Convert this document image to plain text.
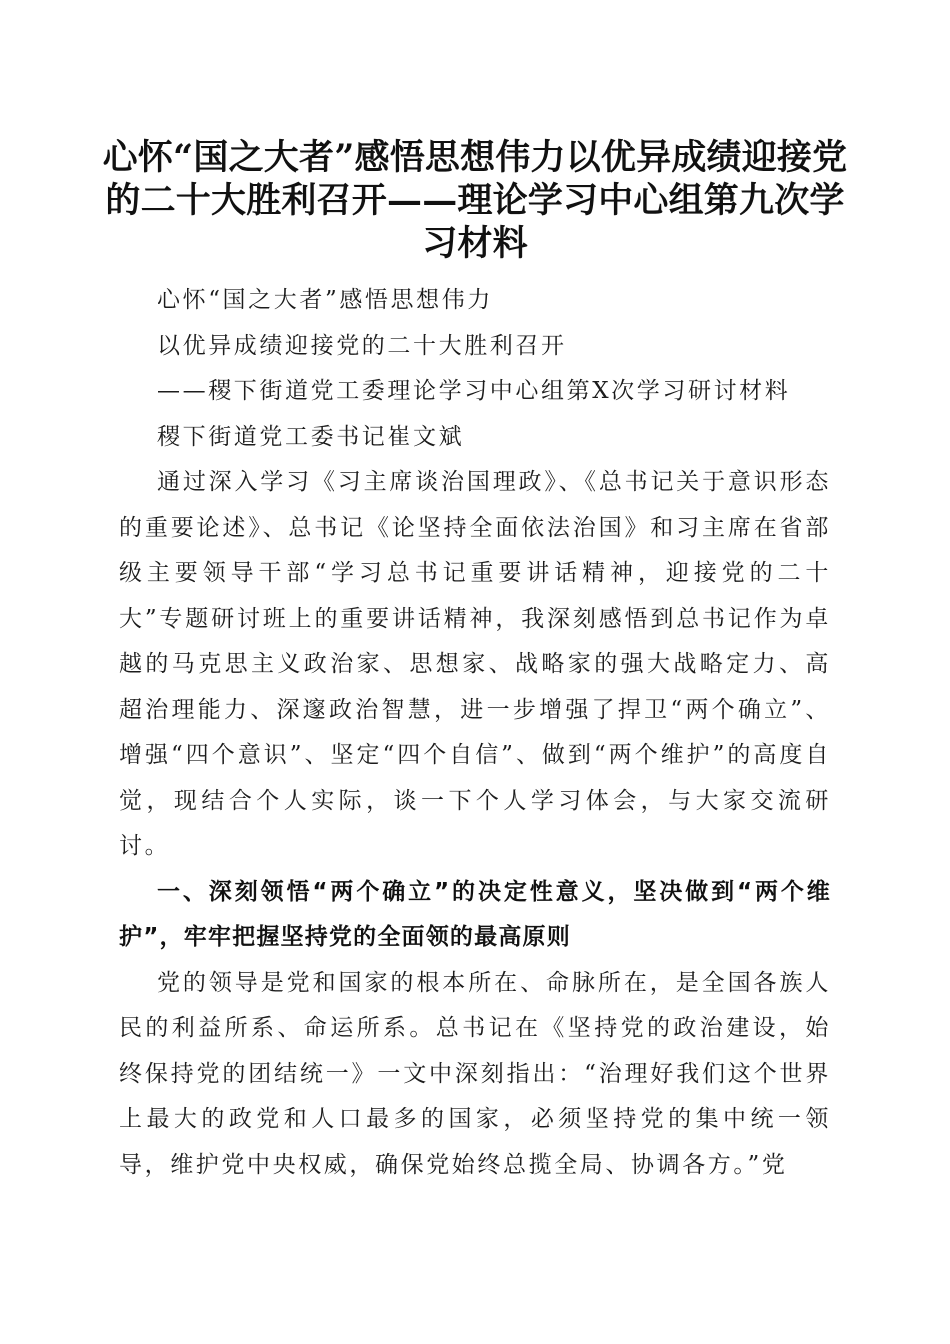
心怀“国之大者”感悟思想伟力以优异成绩迎接党的二十大胜利召开——理论学习中心组第九次学习材料

心怀“国之大者”感悟思想伟力

以优异成绩迎接党的二十大胜利召开

——稷下街道党工委理论学习中心组第X次学习研讨材料

稷下街道党工委书记崔文斌

通过深入学习《习主席谈治国理政》、《总书记关于意识形态的重要论述》、总书记《论坚持全面依法治国》和习主席在省部级主要领导干部“学习总书记重要讲话精神，迎接党的二十大”专题研讨班上的重要讲话精神，我深刻感悟到总书记作为卓越的马克思主义政治家、思想家、战略家的强大战略定力、高超治理能力、深邃政治智慧，进一步增强了捍卫“两个确立”、增强“四个意识”、坚定“四个自信”、做到“两个维护”的高度自觉，现结合个人实际，谈一下个人学习体会，与大家交流研讨。

一、深刻领悟“两个确立”的决定性意义，坚决做到“两个维护”，牢牢把握坚持党的全面领的最高原则

党的领导是党和国家的根本所在、命脉所在，是全国各族人民的利益所系、命运所系。总书记在《坚持党的政治建设，始终保持党的团结统一》一文中深刻指出：“治理好我们这个世界上最大的政党和人口最多的国家，必须坚持党的集中统一领导，维护党中央权威，确保党始终总揽全局、协调各方。”党
